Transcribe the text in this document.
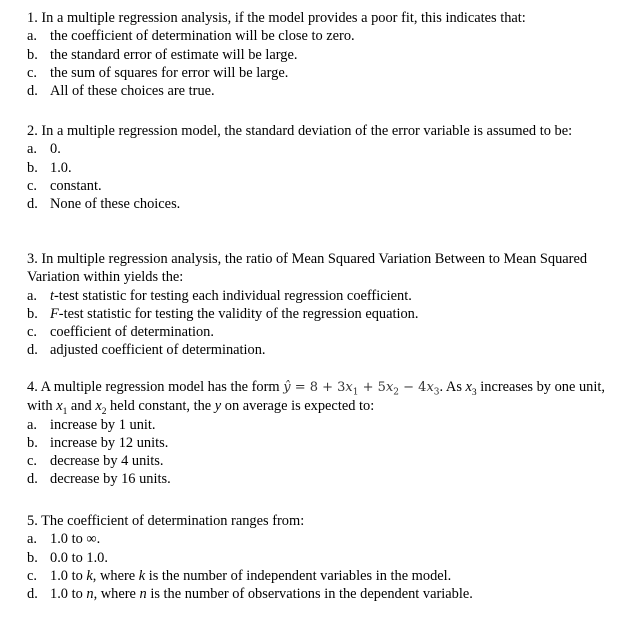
1. In a multiple regression analysis, if the model provides a poor fit, this indicates that:

a. the coefficient of determination will be close to zero.
b. the standard error of estimate will be large.
c. the sum of squares for error will be large.
d. All of these choices are true.

2. In a multiple regression model, the standard deviation of the error variable is assumed to be:

a. 0.
b. 1.0.
c. constant.
d. None of these choices.

3. In multiple regression analysis, the ratio of Mean Squared Variation Between to Mean Squared Variation within yields the:

a. t-test statistic for testing each individual regression coefficient.
b. F-test statistic for testing the validity of the regression equation.
c. coefficient of determination.
d. adjusted coefficient of determination.

4. A multiple regression model has the form ŷ = $8 + 3x_1 + 5x_2 - 4x_3$. As $x_3$ increases by one unit, with $x_1$ and $x_2$ held constant, the y on average is expected to:

a. increase by 1 unit.
b. increase by 12 units.
c. decrease by 4 units.
d. decrease by 16 units.

5. The coefficient of determination ranges from:

a. 1.0 to ∞.
b. 0.0 to 1.0.
c. 1.0 to k, where k is the number of independent variables in the model.
d. 1.0 to n, where n is the number of observations in the dependent variable.
